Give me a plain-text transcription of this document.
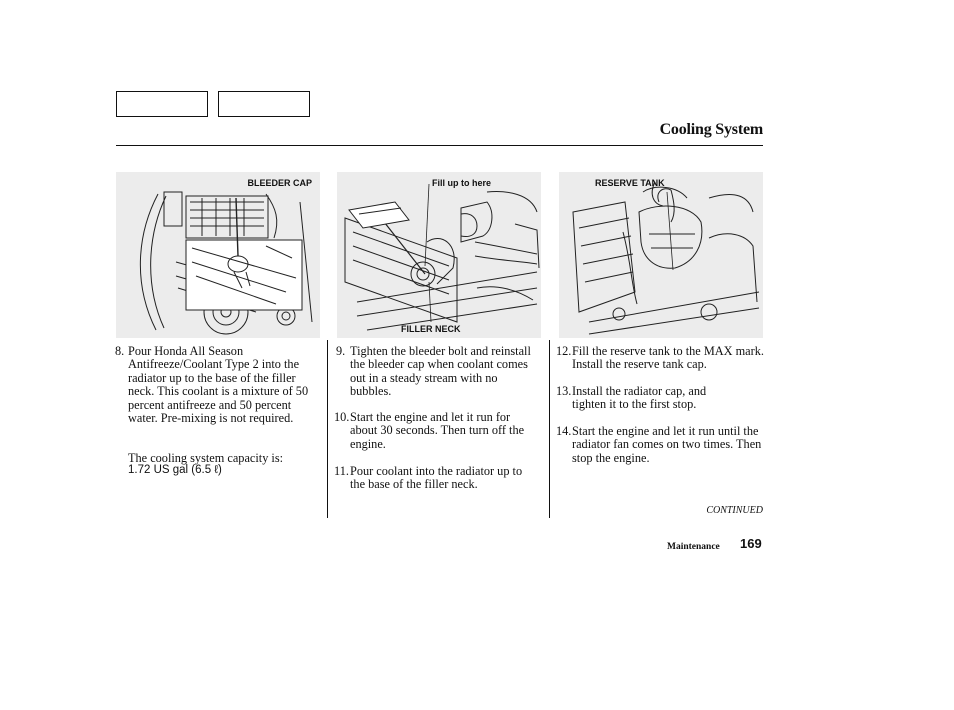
Cooling System
BLEEDER CAP	Fill up to here
FILLER NECK
RESERVE TANK
8. Pour Honda All Season Antifreeze/Coolant Type 2 into the radiator up to the base of the filler neck. This coolant is a mixture of 50 percent antifreeze and 50 percent water. Pre-mixing is not required.
The cooling system capacity is:
1.72 US gal (6.5 ℓ)
9. Tighten the bleeder bolt and reinstall the bleeder cap when coolant comes out in a steady stream with no bubbles.
10. Start the engine and let it run for about 30 seconds. Then turn off the engine.
11. Pour coolant into the radiator up to the base of the filler neck.
12. Fill the reserve tank to the MAX mark. Install the reserve tank cap.
13. Install the radiator cap, and tighten it to the first stop.
14. Start the engine and let it run until the radiator fan comes on two times. Then stop the engine.
CONTINUED
Maintenance 169
